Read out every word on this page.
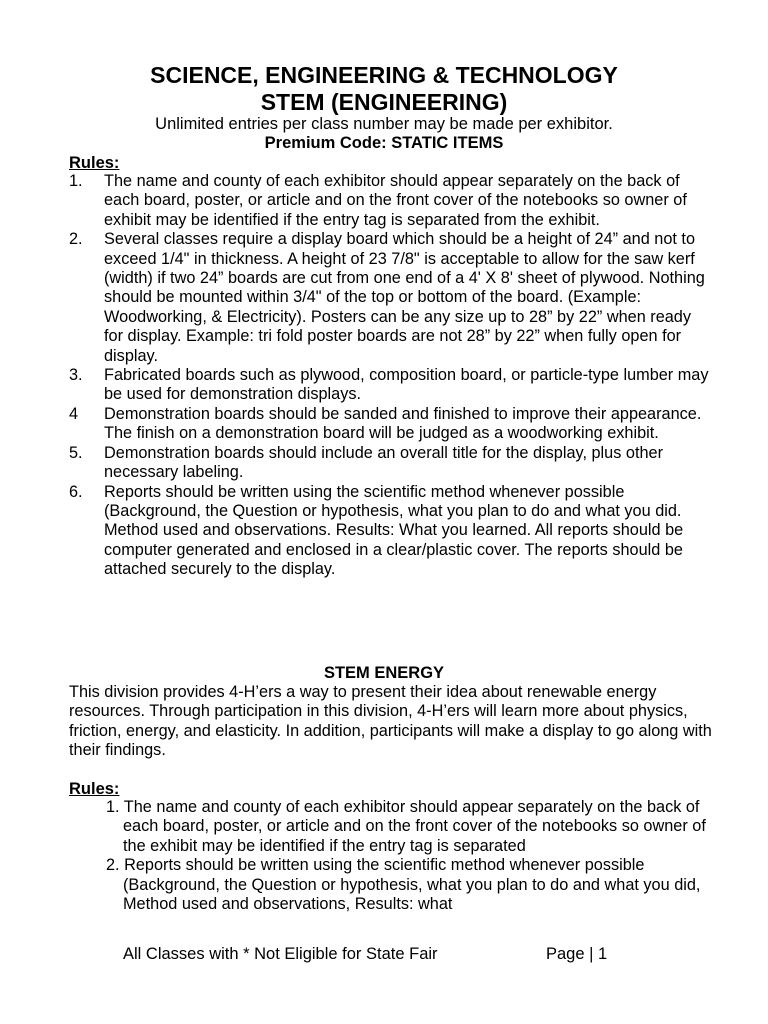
SCIENCE, ENGINEERING & TECHNOLOGY
STEM (ENGINEERING)
Unlimited entries per class number may be made per exhibitor.
Premium Code: STATIC ITEMS
Rules:
1.	The name and county of each exhibitor should appear separately on the back of each board, poster, or article and on the front cover of the notebooks so owner of exhibit may be identified if the entry tag is separated from the exhibit.
2.	Several classes require a display board which should be a height of 24” and not to exceed 1/4" in thickness. A height of 23 7/8" is acceptable to allow for the saw kerf (width) if two 24” boards are cut from one end of a 4' X 8' sheet of plywood. Nothing should be mounted within 3/4" of the top or bottom of the board. (Example: Woodworking, & Electricity). Posters can be any size up to 28” by 22” when ready for display. Example: tri fold poster boards are not 28” by 22” when fully open for display.
3.	Fabricated boards such as plywood, composition board, or particle-type lumber may be used for demonstration displays.
4	Demonstration boards should be sanded and finished to improve their appearance. The finish on a demonstration board will be judged as a woodworking exhibit.
5.	Demonstration boards should include an overall title for the display, plus other necessary labeling.
6.	Reports should be written using the scientific method whenever possible (Background, the Question or hypothesis, what you plan to do and what you did. Method used and observations. Results: What you learned. All reports should be computer generated and enclosed in a clear/plastic cover. The reports should be attached securely to the display.
STEM ENERGY
This division provides 4-H’ers a way to present their idea about renewable energy resources. Through participation in this division, 4-H’ers will learn more about physics, friction, energy, and elasticity. In addition, participants will make a display to go along with their findings.
Rules:
1. The name and county of each exhibitor should appear separately on the back of each board, poster, or article and on the front cover of the notebooks so owner of the exhibit may be identified if the entry tag is separated
2. Reports should be written using the scientific method whenever possible (Background, the Question or hypothesis, what you plan to do and what you did, Method used and observations, Results: what
All Classes with * Not Eligible for State Fair	Page | 1
